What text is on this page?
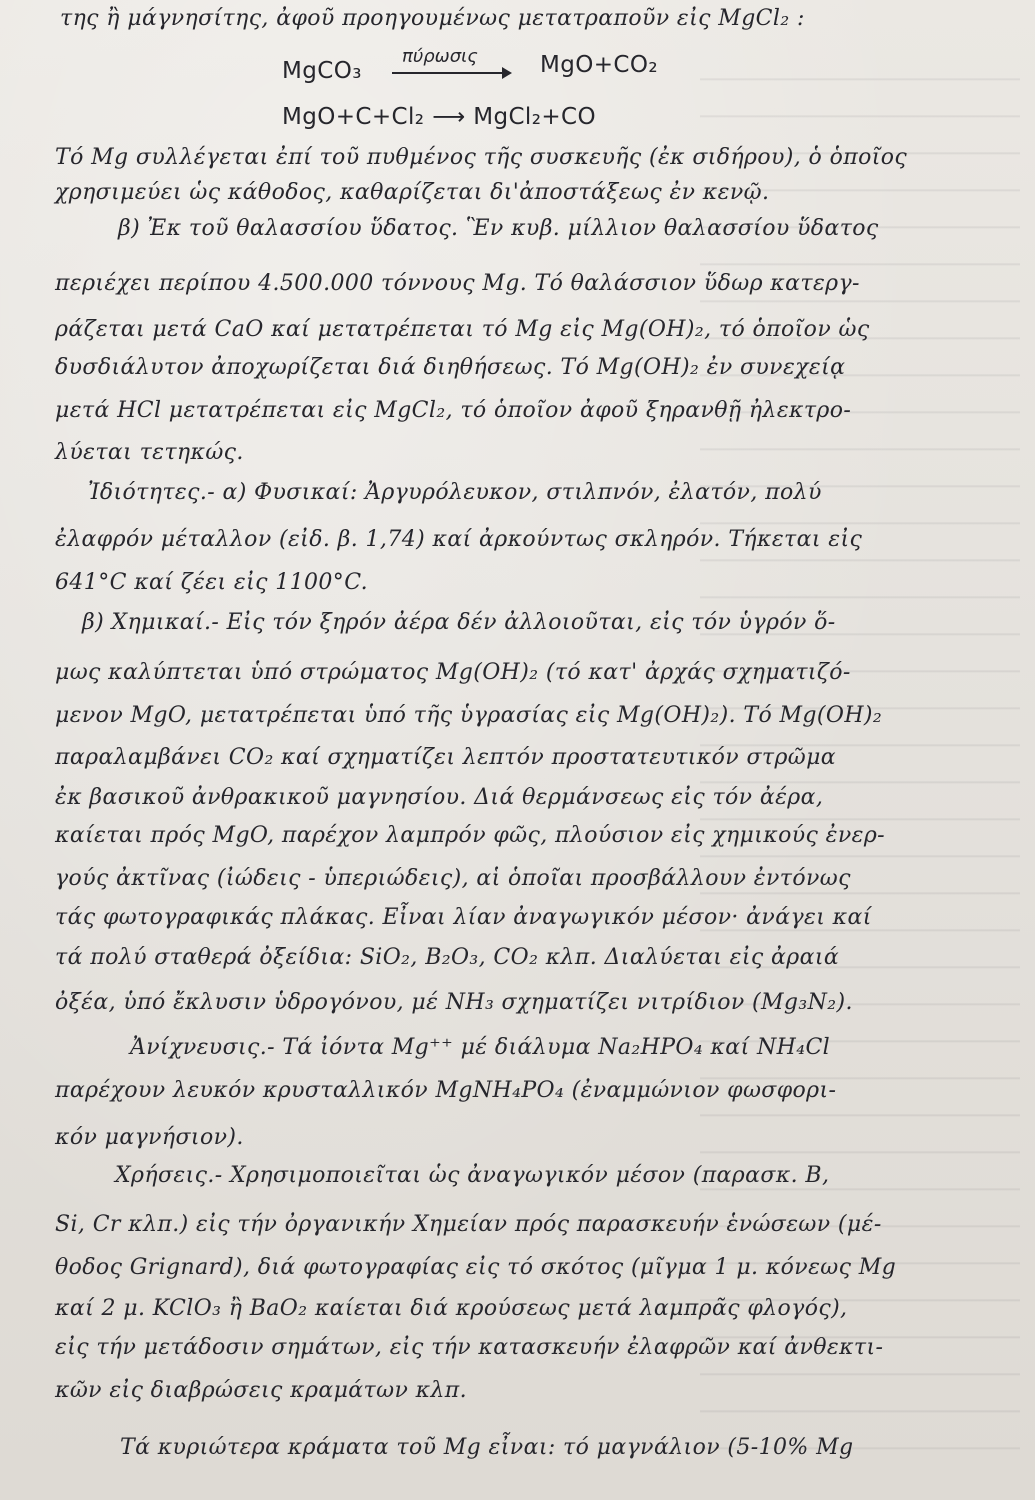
της ἢ μάγνησίτης, ἀφοῦ προηγουμένως μετατραποῦν εἰς MgCl₂ :
MgCO₃
πύρωσις	MgO+CO₂
MgO+C+Cl₂ ⟶ MgCl₂+CO
Τό Mg συλλέγεται ἐπί τοῦ πυθμένος τῆς συσκευῆς (ἐκ σιδήρου), ὁ ὁποῖος
χρησιμεύει ὡς κάθοδος, καθαρίζεται δι'ἀποστάξεως ἐν κενῷ.
β) Ἐκ τοῦ θαλασσίου ὕδατος. Ἓν κυβ. μίλλιον θαλασσίου ὕδατος
περιέχει περίπου 4.500.000 τόννους Mg. Τό θαλάσσιον ὕδωρ κατεργ-
ράζεται μετά CaO καί μετατρέπεται τό Mg εἰς Mg(OH)₂, τό ὁποῖον ὡς
δυσδιάλυτον ἀποχωρίζεται διά διηθήσεως. Τό Mg(OH)₂ ἐν συνεχείᾳ
μετά HCl μετατρέπεται εἰς MgCl₂, τό ὁποῖον ἀφοῦ ξηρανθῇ ἠλεκτρο-
λύεται τετηκώς.
Ἰδιότητες.- α) Φυσικαί: Ἀργυρόλευκον, στιλπνόν, ἐλατόν, πολύ
ἐλαφρόν μέταλλον (εἰδ. β. 1,74) καί ἀρκούντως σκληρόν. Τήκεται εἰς
641°C καί ζέει εἰς 1100°C.
β) Χημικαί.- Εἰς τόν ξηρόν ἀέρα δέν ἀλλοιοῦται, εἰς τόν ὑγρόν ὅ-
μως καλύπτεται ὑπό στρώματος Mg(OH)₂ (τό κατ' ἀρχάς σχηματιζό-
μενον MgO, μετατρέπεται ὑπό τῆς ὑγρασίας εἰς Mg(OH)₂). Τό Mg(OH)₂
παραλαμβάνει CO₂ καί σχηματίζει λεπτόν προστατευτικόν στρῶμα
ἐκ βασικοῦ ἀνθρακικοῦ μαγνησίου. Διά θερμάνσεως εἰς τόν ἀέρα,
καίεται πρός MgO, παρέχον λαμπρόν φῶς, πλούσιον εἰς χημικούς ἐνερ-
γούς ἀκτῖνας (ἰώδεις - ὑπεριώδεις), αἱ ὁποῖαι προσβάλλουν ἐντόνως
τάς φωτογραφικάς πλάκας. Εἶναι λίαν ἀναγωγικόν μέσον· ἀνάγει καί
τά πολύ σταθερά ὀξείδια: SiO₂, B₂O₃, CO₂ κλπ. Διαλύεται εἰς ἀραιά
ὀξέα, ὑπό ἔκλυσιν ὑδρογόνου, μέ NH₃ σχηματίζει νιτρίδιον (Mg₃N₂).
Ἀνίχνευσις.- Τά ἰόντα Mg⁺⁺ μέ διάλυμα Na₂HPO₄ καί NH₄Cl
παρέχουν λευκόν κρυσταλλικόν MgNH₄PO₄ (ἐναμμώνιον φωσφορι-
κόν μαγνήσιον).
Χρήσεις.- Χρησιμοποιεῖται ὡς ἀναγωγικόν μέσον (παρασκ. B,
Si, Cr κλπ.) εἰς τήν ὀργανικήν Χημείαν πρός παρασκευήν ἑνώσεων (μέ-
θοδος Grignard), διά φωτογραφίας εἰς τό σκότος (μῖγμα 1 μ. κόνεως Mg
καί 2 μ. KClO₃ ἢ BaO₂ καίεται διά κρούσεως μετά λαμπρᾶς φλογός),
εἰς τήν μετάδοσιν σημάτων, εἰς τήν κατασκευήν ἐλαφρῶν καί ἀνθεκτι-
κῶν εἰς διαβρώσεις κραμάτων κλπ.
Τά κυριώτερα κράματα τοῦ Mg εἶναι: τό μαγνάλιον (5-10% Mg
